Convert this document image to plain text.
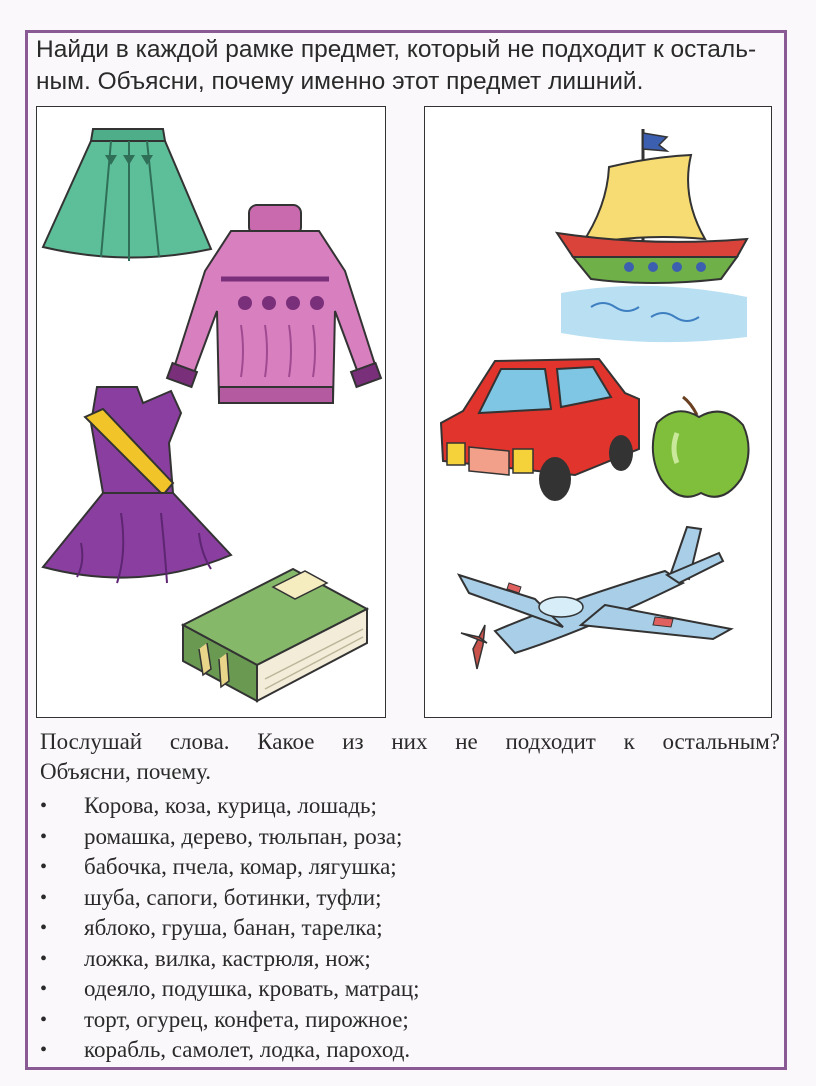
Найди в каждой рамке предмет, который не подходит к осталь-
ным. Объясни, почему именно этот предмет лишний.
Послушай слова. Какое из них не подходит к остальным?
Объясни, почему.
• Корова, коза, курица, лошадь;
• ромашка, дерево, тюльпан, роза;
• бабочка, пчела, комар, лягушка;
• шуба, сапоги, ботинки, туфли;
• яблоко, груша, банан, тарелка;
• ложка, вилка, кастрюля, нож;
• одеяло, подушка, кровать, матрац;
• торт, огурец, конфета, пирожное;
• корабль, самолет, лодка, пароход.
